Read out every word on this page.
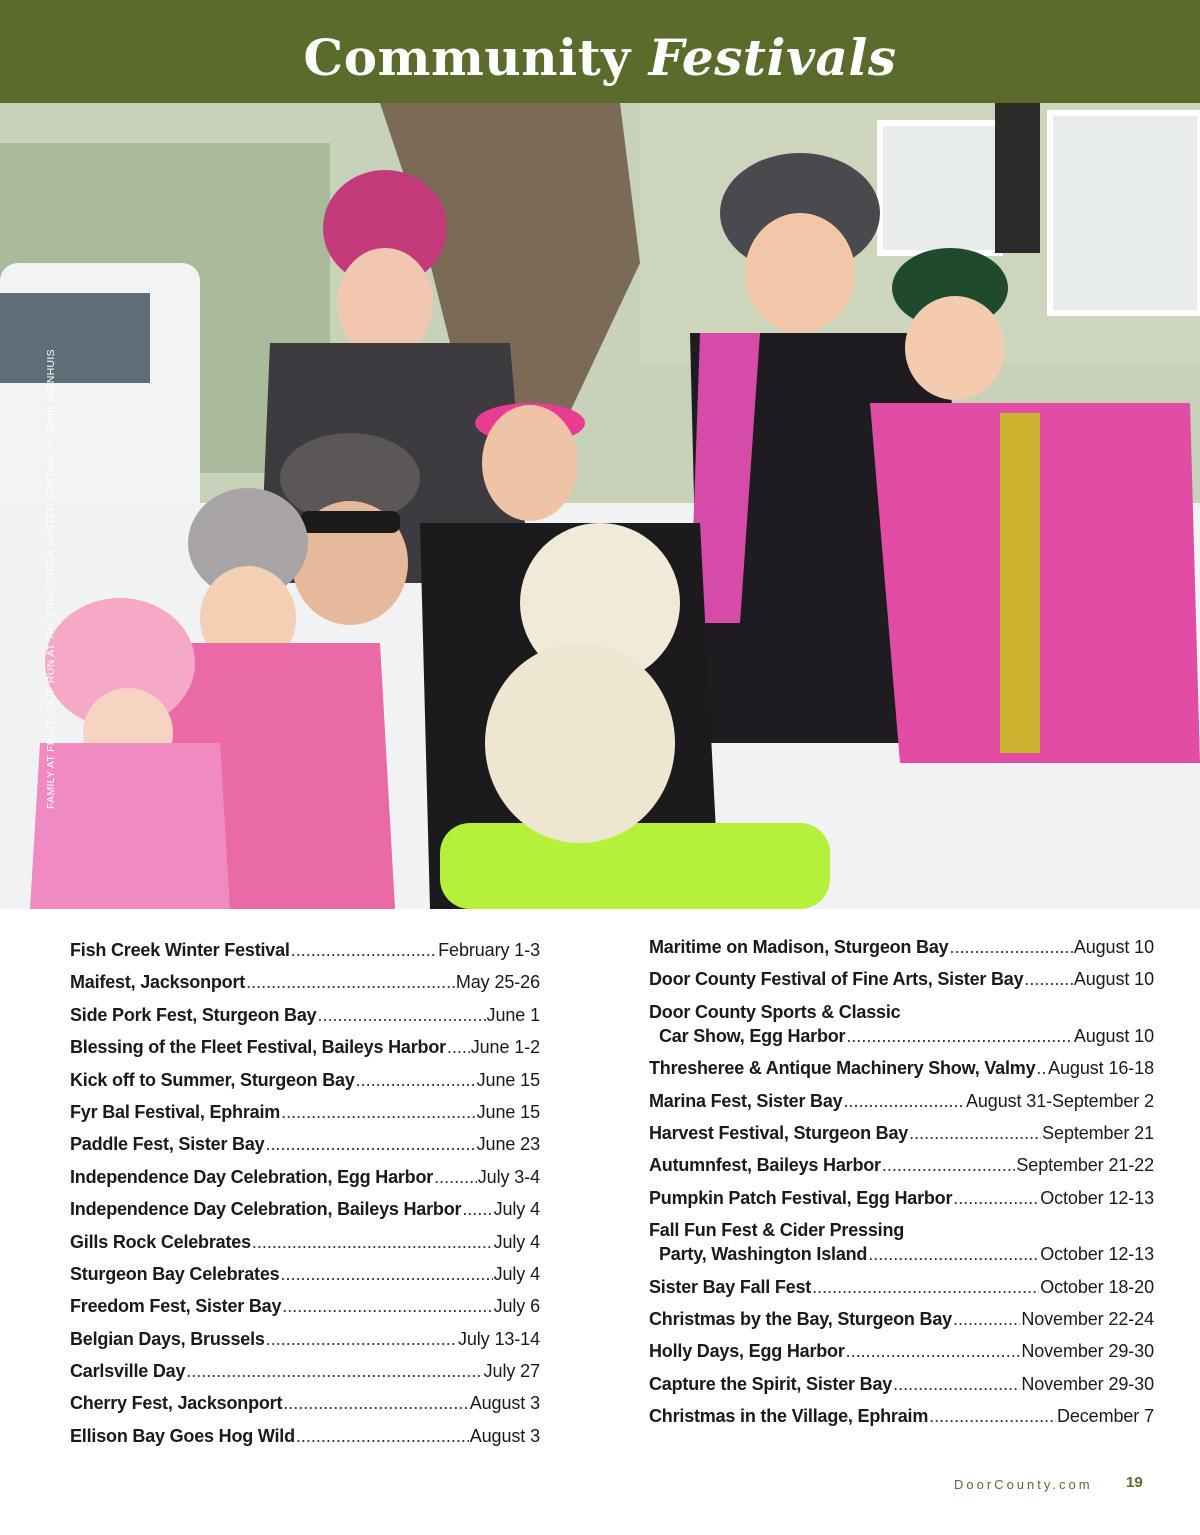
Community Festivals
FAMILY AT FRUIT LOOP RUN AT THE FISH CREEK WINTER FESTIVAL © JOHN NIENHUIS
Fish Creek Winter Festival .....	February 1-3
Maifest, Jacksonport .....	May 25-26
Side Pork Fest, Sturgeon Bay .....	June 1
Blessing of the Fleet Festival, Baileys Harbor ..... June 1-2
Kick off to Summer, Sturgeon Bay .....	June 15
Fyr Bal Festival, Ephraim .....	June 15
Paddle Fest, Sister Bay .....	June 23
Independence Day Celebration, Egg Harbor ..... July 3-4
Independence Day Celebration, Baileys Harbor ..... July 4
Gills Rock Celebrates .....	July 4
Sturgeon Bay Celebrates .....	July 4
Freedom Fest, Sister Bay .....	July 6
Belgian Days, Brussels .....	July 13-14
Carlsville Day .....	July 27
Cherry Fest, Jacksonport .....	August 3
Ellison Bay Goes Hog Wild .....	August 3
Maritime on Madison, Sturgeon Bay .....	August 10
Door County Festival of Fine Arts, Sister Bay .....	August 10
Door County Sports & Classic
Car Show, Egg Harbor .....	August 10
Thresheree & Antique Machinery Show, Valmy ..... August 16-18
Marina Fest, Sister Bay .....	August 31-September 2
Harvest Festival, Sturgeon Bay .....	September 21
Autumnfest, Baileys Harbor .....	September 21-22
Pumpkin Patch Festival, Egg Harbor .....	October 12-13
Fall Fun Fest & Cider Pressing
Party, Washington Island .....	October 12-13
Sister Bay Fall Fest .....	October 18-20
Christmas by the Bay, Sturgeon Bay .....	November 22-24
Holly Days, Egg Harbor .....	November 29-30
Capture the Spirit, Sister Bay .....	November 29-30
Christmas in the Village, Ephraim .....	December 7
DoorCounty.com 19
